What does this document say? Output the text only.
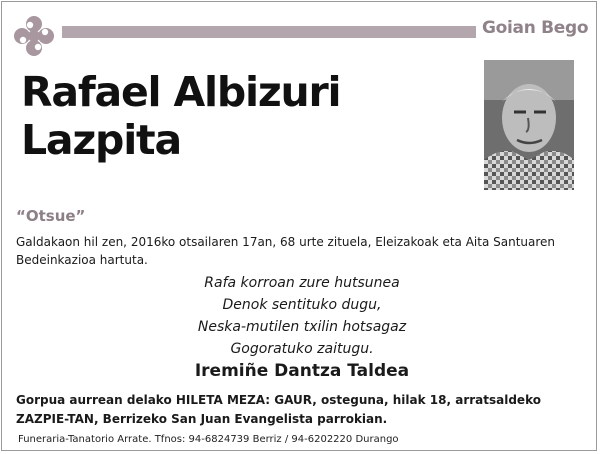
Goian Bego
Rafael Albizuri
Lazpita
“Otsue”
Galdakaon hil zen, 2016ko otsailaren 17an, 68 urte zituela, Eleizakoak eta Aita Santuaren Bedeinkazioa hartuta.
Rafa korroan zure hutsunea
Denok sentituko dugu,
Neska-mutilen txilin hotsagaz
Gogoratuko zaitugu.
Iremiñe Dantza Taldea
Gorpua aurrean delako HILETA MEZA: GAUR, osteguna, hilak 18, arratsaldeko ZAZPIE-TAN, Berrizeko San Juan Evangelista parrokian.
Funeraria-Tanatorio Arrate. Tfnos: 94-6824739 Berriz / 94-6202220 Durango
